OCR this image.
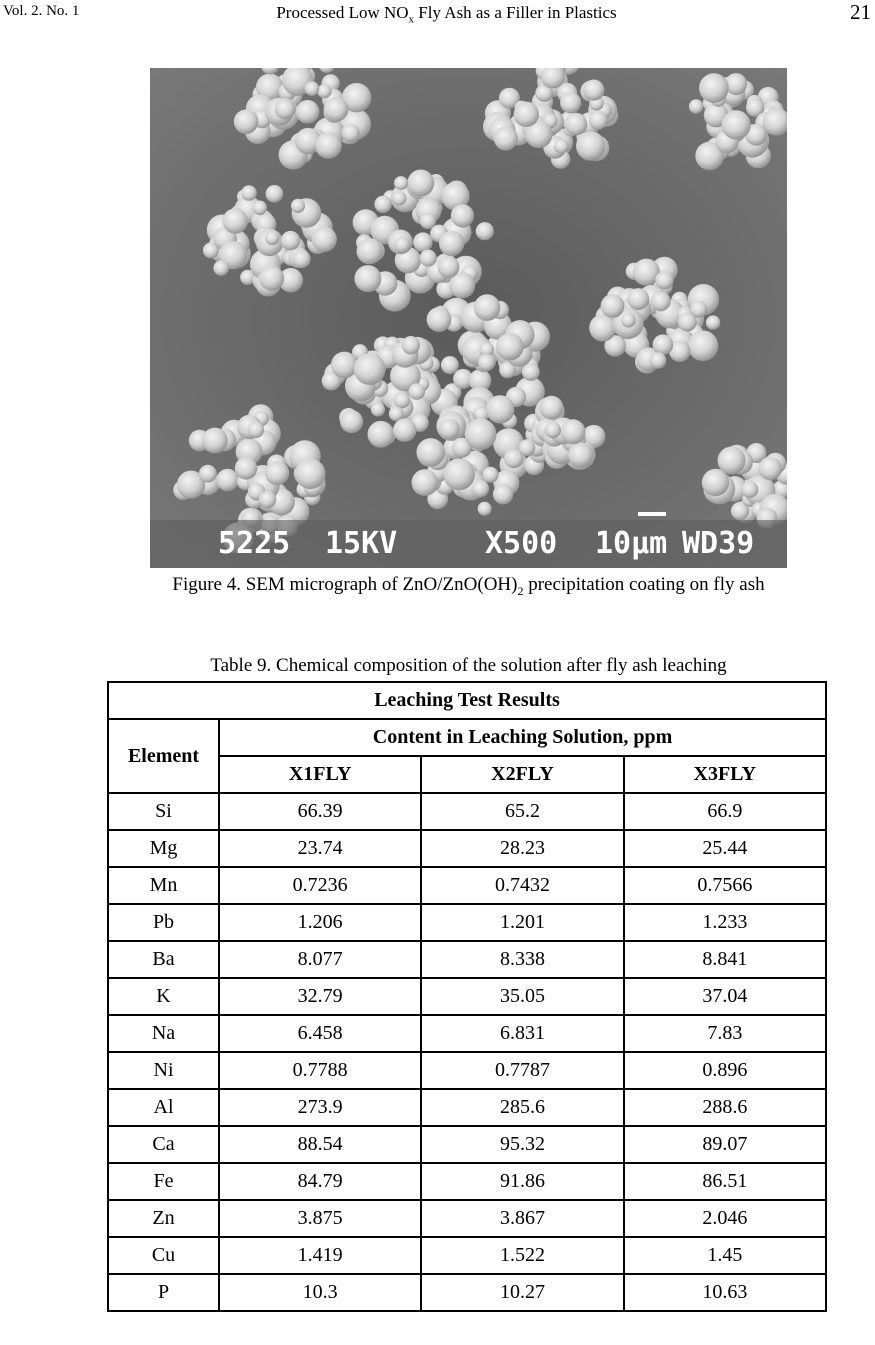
Vol. 2. No. 1	Processed Low $NO_x$ Fly Ash as a Filler in Plastics	21
5225 15KV	X500 10µm WD39
Figure 4. SEM micrograph of ZnO/$ZnO(OH)_2$ precipitation coating on fly ash
Table 9. Chemical composition of the solution after fly ash leaching
Leaching Test Results			
Element	Content in Leaching Solution, ppm		
	X1FLY	X2FLY	X3FLY
Si	66.39	65.2	66.9
Mg	23.74	28.23	25.44
Mn	0.7236	0.7432	0.7566
Pb	1.206	1.201	1.233
Ba	8.077	8.338	8.841
K	32.79	35.05	37.04
Na	6.458	6.831	7.83
Ni	0.7788	0.7787	0.896
Al	273.9	285.6	288.6
Ca	88.54	95.32	89.07
Fe	84.79	91.86	86.51
Zn	3.875	3.867	2.046
Cu	1.419	1.522	1.45
P	10.3	10.27	10.63
